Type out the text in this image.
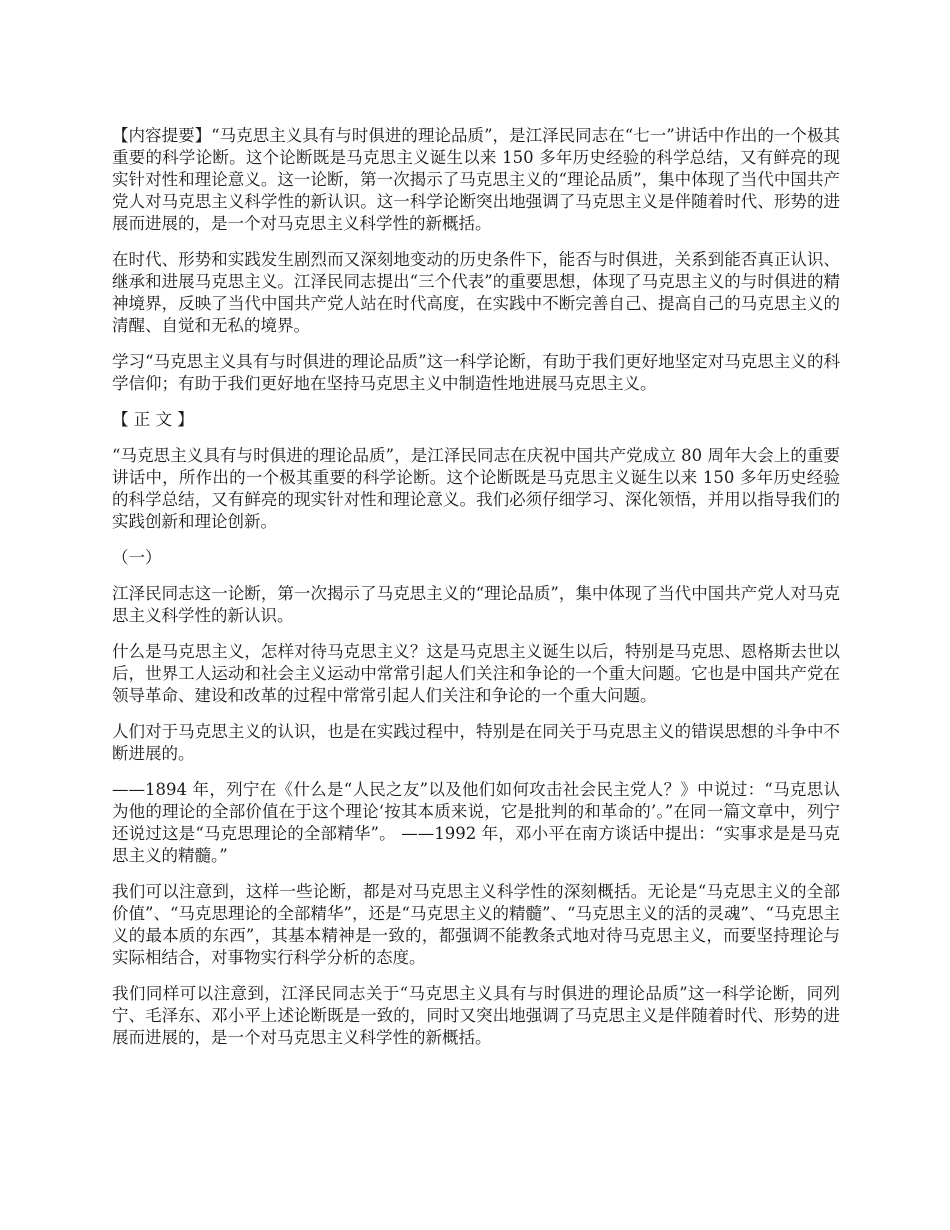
【内容提要】“马克思主义具有与时俱进的理论品质”，是江泽民同志在“七一”讲话中作出的一个极其重要的科学论断。这个论断既是马克思主义诞生以来 150 多年历史经验的科学总结，又有鲜亮的现实针对性和理论意义。这一论断，第一次揭示了马克思主义的“理论品质”，集中体现了当代中国共产党人对马克思主义科学性的新认识。这一科学论断突出地强调了马克思主义是伴随着时代、形势的进展而进展的，是一个对马克思主义科学性的新概括。

在时代、形势和实践发生剧烈而又深刻地变动的历史条件下，能否与时俱进，关系到能否真正认识、继承和进展马克思主义。江泽民同志提出“三个代表”的重要思想，体现了马克思主义的与时俱进的精神境界，反映了当代中国共产党人站在时代高度，在实践中不断完善自己、提高自己的马克思主义的清醒、自觉和无私的境界。

学习“马克思主义具有与时俱进的理论品质”这一科学论断，有助于我们更好地坚定对马克思主义的科学信仰；有助于我们更好地在坚持马克思主义中制造性地进展马克思主义。

【 正 文 】

“马克思主义具有与时俱进的理论品质”，是江泽民同志在庆祝中国共产党成立 80 周年大会上的重要讲话中，所作出的一个极其重要的科学论断。这个论断既是马克思主义诞生以来 150 多年历史经验的科学总结，又有鲜亮的现实针对性和理论意义。我们必须仔细学习、深化领悟，并用以指导我们的实践创新和理论创新。

（一）

江泽民同志这一论断，第一次揭示了马克思主义的“理论品质”，集中体现了当代中国共产党人对马克思主义科学性的新认识。

什么是马克思主义，怎样对待马克思主义？这是马克思主义诞生以后，特别是马克思、恩格斯去世以后，世界工人运动和社会主义运动中常常引起人们关注和争论的一个重大问题。它也是中国共产党在领导革命、建设和改革的过程中常常引起人们关注和争论的一个重大问题。

人们对于马克思主义的认识，也是在实践过程中，特别是在同关于马克思主义的错误思想的斗争中不断进展的。

——1894 年，列宁在《什么是“人民之友”以及他们如何攻击社会民主党人？》中说过：“马克思认为他的理论的全部价值在于这个理论‘按其本质来说，它是批判的和革命的’。”在同一篇文章中，列宁还说过这是“马克思理论的全部精华”。 ——1992 年，邓小平在南方谈话中提出：“实事求是是马克思主义的精髓。”

我们可以注意到，这样一些论断，都是对马克思主义科学性的深刻概括。无论是“马克思主义的全部价值”、“马克思理论的全部精华”，还是“马克思主义的精髓”、“马克思主义的活的灵魂”、“马克思主义的最本质的东西”，其基本精神是一致的，都强调不能教条式地对待马克思主义，而要坚持理论与实际相结合，对事物实行科学分析的态度。

我们同样可以注意到，江泽民同志关于“马克思主义具有与时俱进的理论品质”这一科学论断，同列宁、毛泽东、邓小平上述论断既是一致的，同时又突出地强调了马克思主义是伴随着时代、形势的进展而进展的，是一个对马克思主义科学性的新概括。
